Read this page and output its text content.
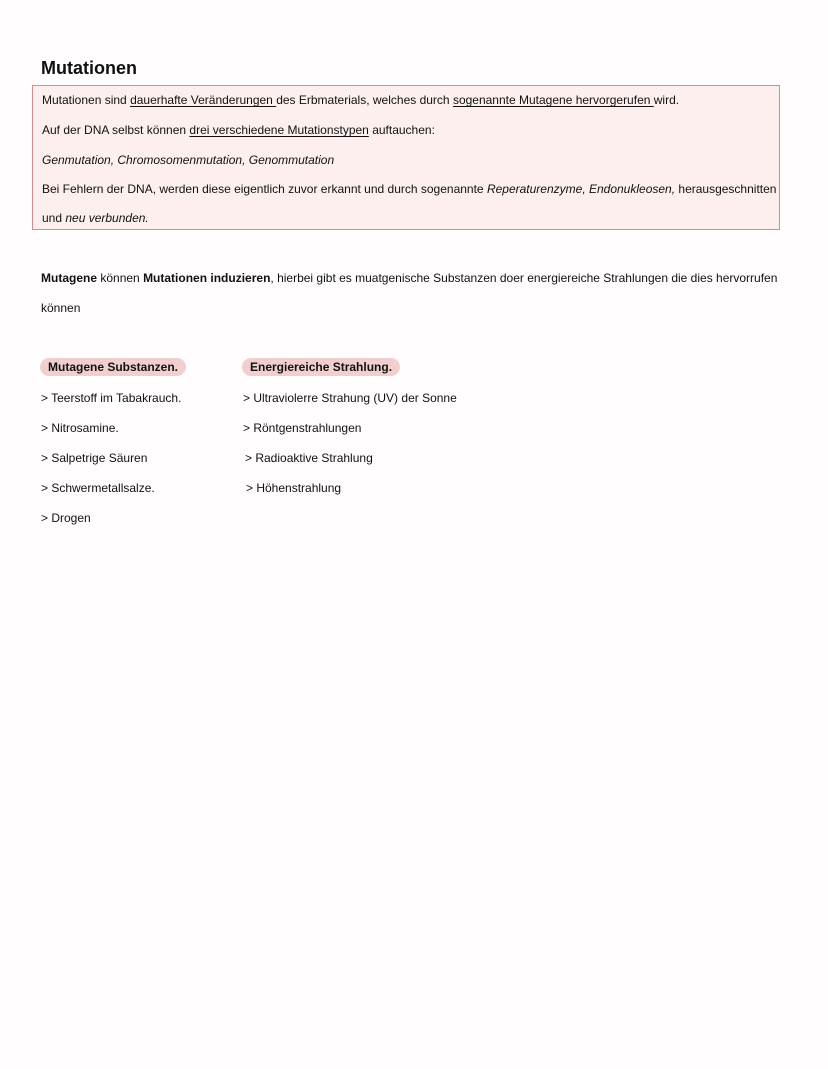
Mutationen
Mutationen sind dauerhafte Veränderungen des Erbmaterials, welches durch sogenannte Mutagene hervorgerufen wird.
Auf der DNA selbst können drei verschiedene Mutationstypen auftauchen:
Genmutation, Chromosomenmutation, Genommutation
Bei Fehlern der DNA, werden diese eigentlich zuvor erkannt und durch sogenannte Reperaturenzyme, Endonukleosen, herausgeschnitten
und neu verbunden.
Mutagene können Mutationen induzieren, hierbei gibt es muatgenische Substanzen doer energiereiche Strahlungen die dies hervorrufen
können
Mutagene Substanzen.	Energiereiche Strahlung.
> Teerstoff im Tabakrauch.
> Nitrosamine.
> Salpetrige Säuren
> Schwermetallsalze.
> Drogen
> Ultraviolerre Strahung (UV) der Sonne
> Röntgenstrahlungen
> Radioaktive Strahlung
> Höhenstrahlung
